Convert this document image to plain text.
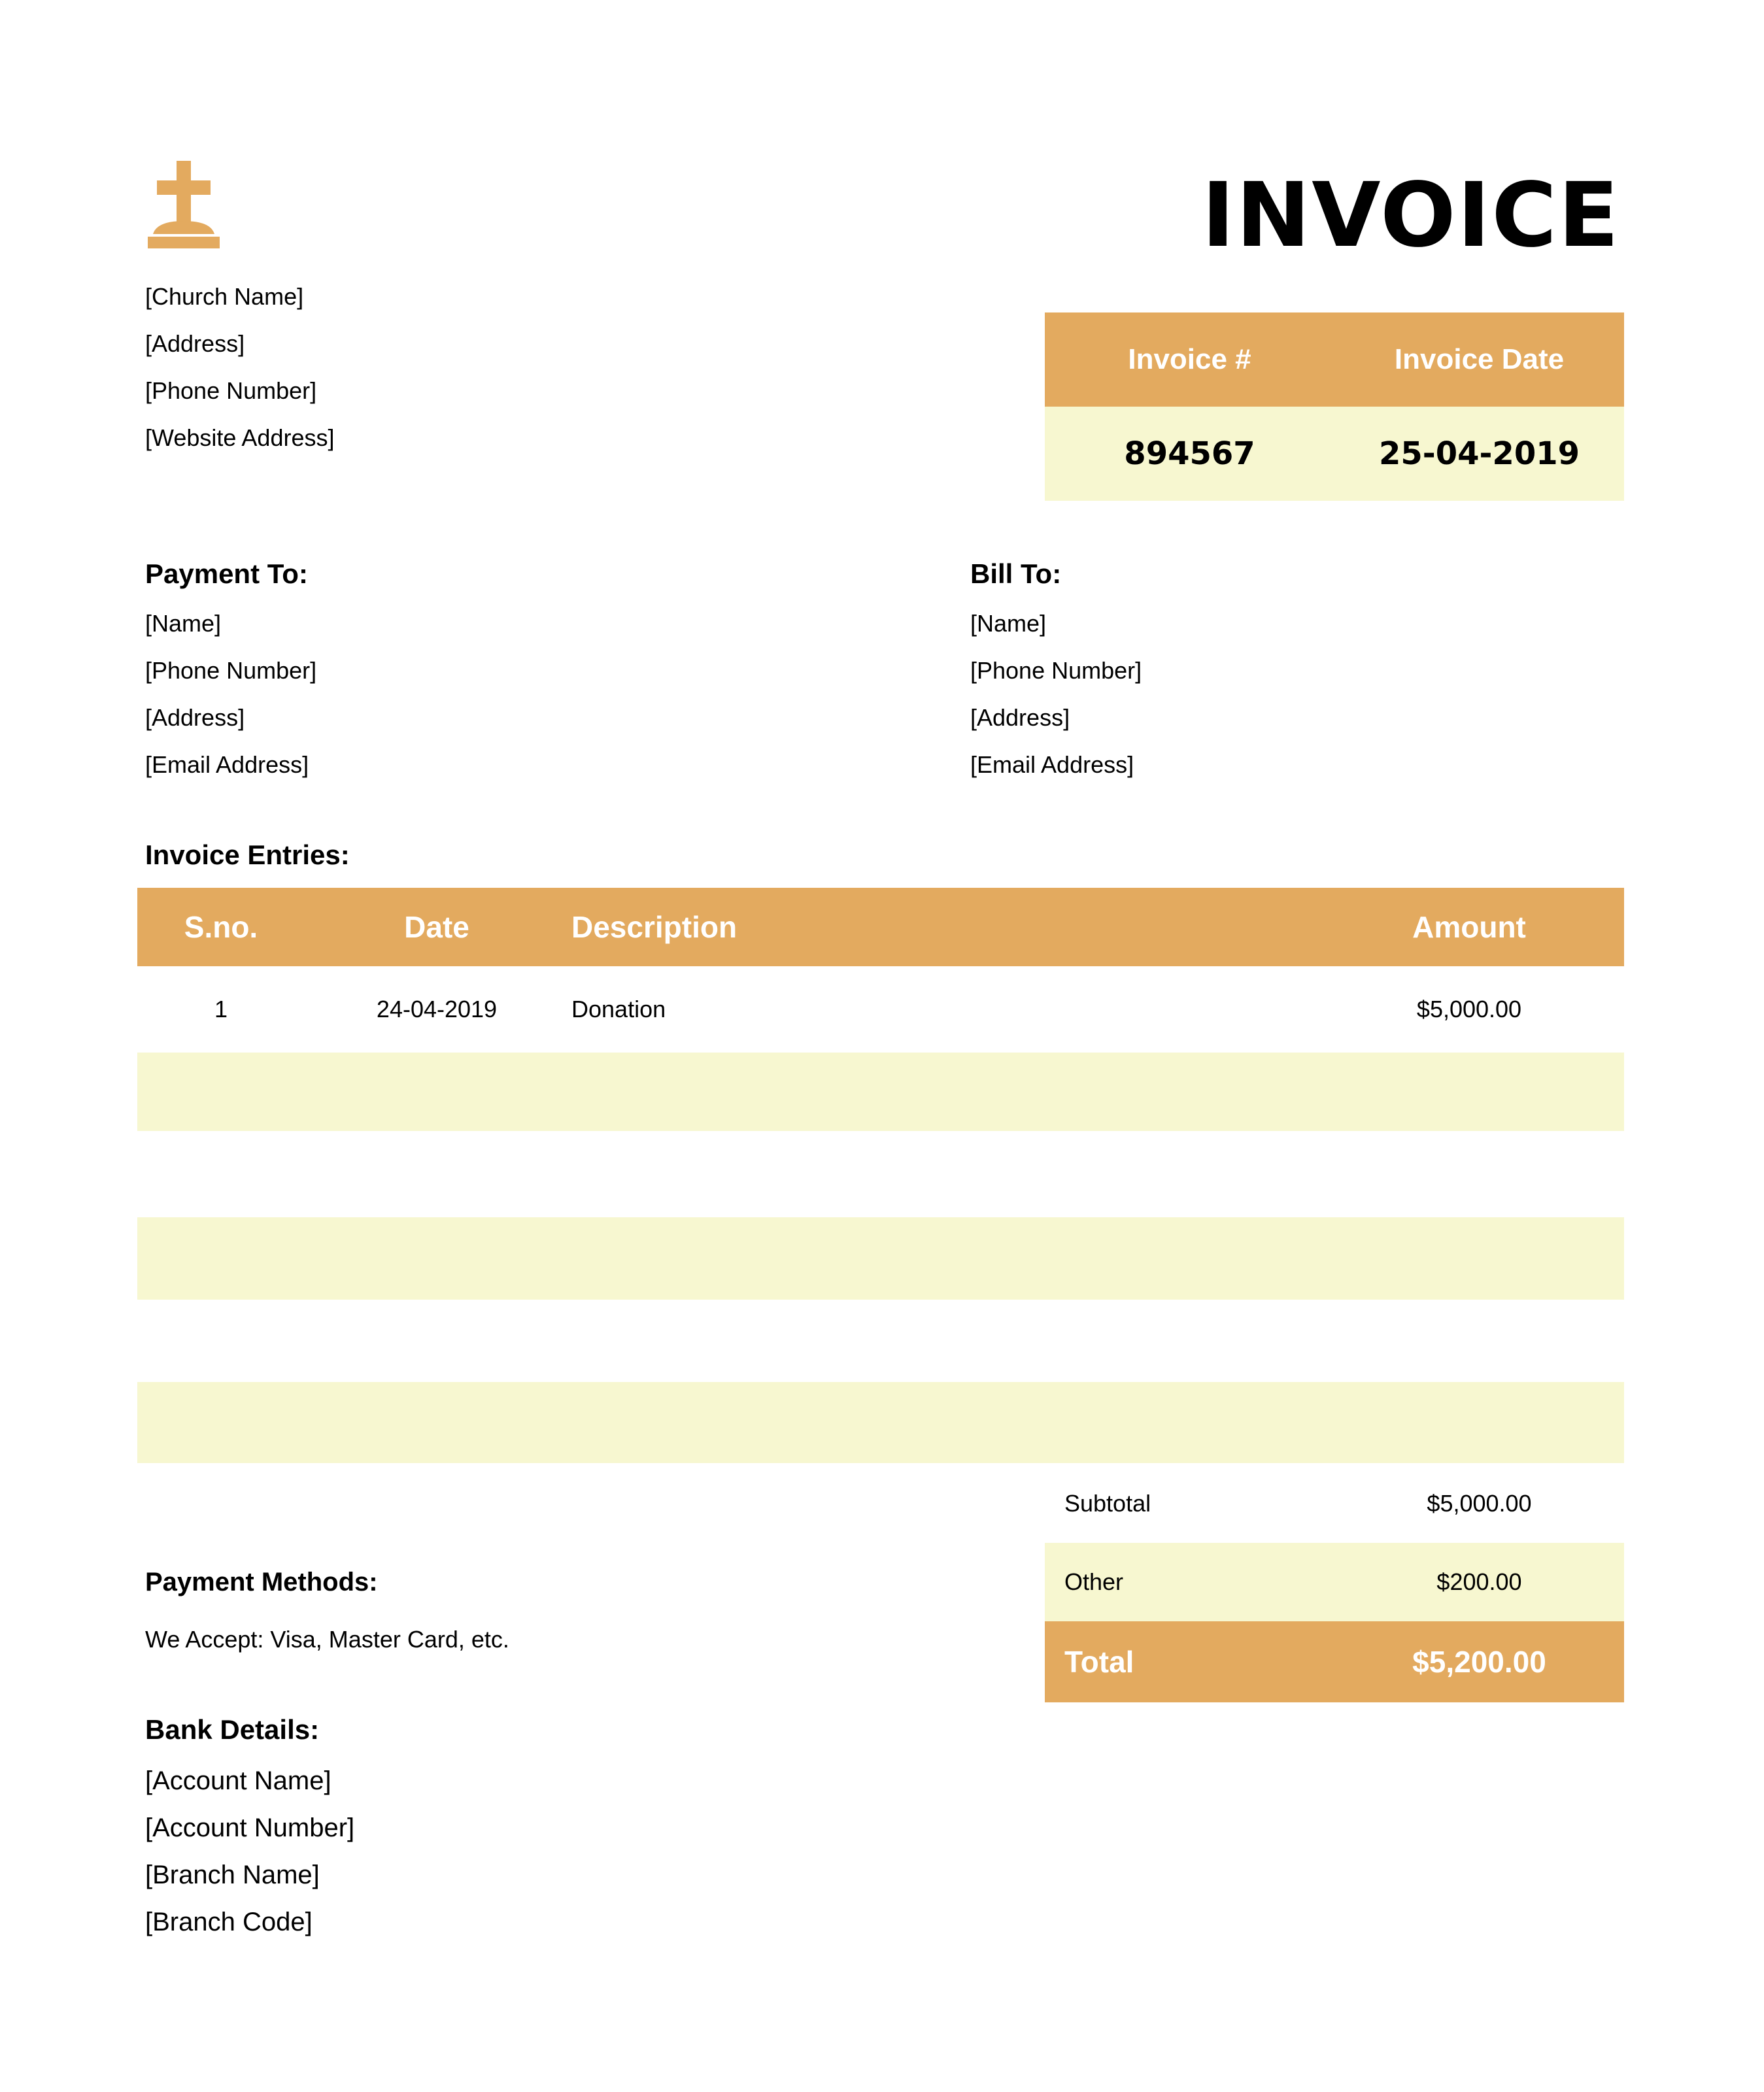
INVOICE
[Church Name]
[Address]
[Phone Number]
[Website Address]
Invoice #	Invoice Date
894567	25-04-2019
Payment To:
[Name]
[Phone Number]
[Address]
[Email Address]
Bill To:
[Name]
[Phone Number]
[Address]
[Email Address]
Invoice Entries:
S.no.	Date	Description	Amount
1	24-04-2019	Donation	$5,000.00
Subtotal	$5,000.00
Other	$200.00
Total	$5,200.00
Payment Methods:
We Accept: Visa, Master Card, etc.
Bank Details:
[Account Name]
[Account Number]
[Branch Name]
[Branch Code]
